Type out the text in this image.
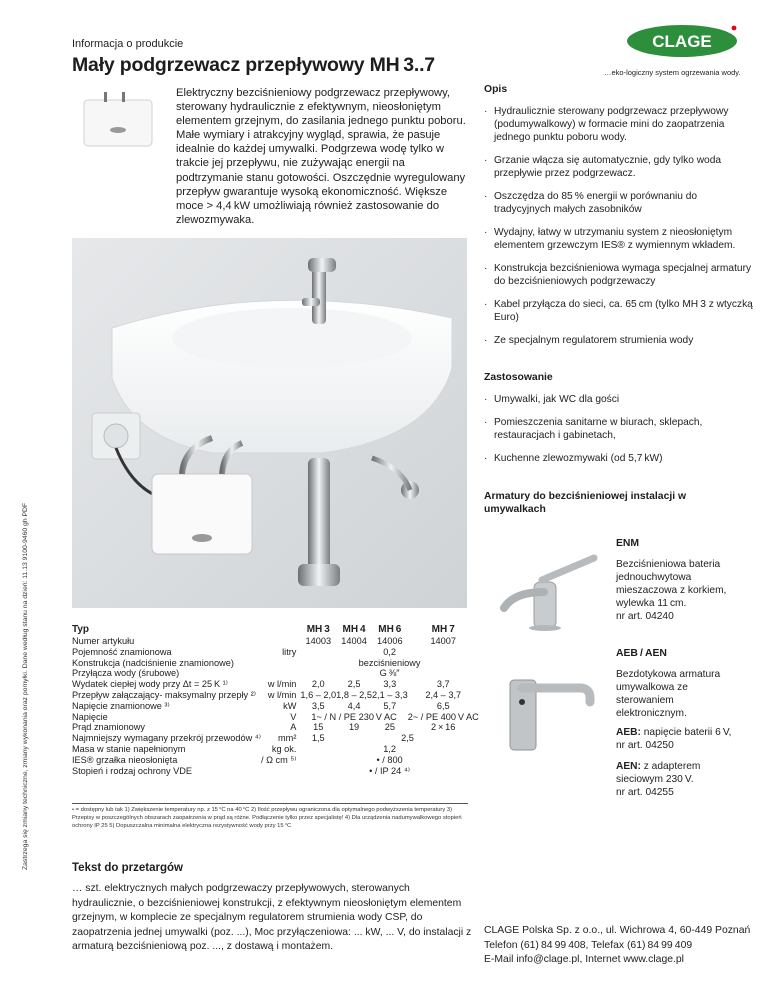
Informacja o produkcie	CLAGE
…eko-logiczny system ogrzewania wody.
Mały podgrzewacz przepływowy MH 3..7
Elektryczny bezciśnieniowy podgrzewacz przepływowy, sterowany hydraulicznie z efektywnym, nieosłoniętym elementem grzejnym, do zasilania jednego punktu poboru. Małe wymiary i atrakcyjny wygląd, sprawia, że pasuje idealnie do każdej umywalki. Podgrzewa wodę tylko w trakcie jej przepływu, nie zużywając energii na podtrzymanie stanu gotowości. Oszczędnie wyregulowany przepływ gwarantuje wysoką ekonomiczność. Większe moce > 4,4 kW umożliwiają również zastosowanie do zlewozmywaka.
Opis
· Hydraulicznie sterowany podgrzewacz przepływowy (podumywalkowy) w formacie mini do zaopatrzenia jednego punktu poboru wody.
· Grzanie włącza się automatycznie, gdy tylko woda przepływie przez podgrzewacz.
· Oszczędza do 85 % energii w porównaniu do tradycyjnych małych zasobników
· Wydajny, łatwy w utrzymaniu system z nieosłoniętym elementem grzewczym IES® z wymiennym wkładem.
· Konstrukcja bezciśnieniowa wymaga specjalnej armatury do bezciśnieniowych podgrzewaczy
· Kabel przyłącza do sieci, ca. 65 cm (tylko MH 3 z wtyczką Euro)
· Ze specjalnym regulatorem strumienia wody
Zastosowanie
· Umywalki, jak WC dla gości
· Pomieszczenia sanitarne w biurach, sklepach, restauracjach i gabinetach,
· Kuchenne zlewozmywaki (od 5,7 kW)
Armatury do bezciśnieniowej instalacji w umywalkach
ENM
Bezciśnieniowa bateria jednouchwytowa mieszaczowa z korkiem, wylewka 11 cm.
nr art. 04240
AEB / AEN
Bezdotykowa armatura umywalkowa ze sterowaniem elektronicznym.
AEB: napięcie baterii 6 V,
nr art. 04250
AEN: z adapterem sieciowym 230 V.
nr art. 04255
Zastrzega się zmiany techniczne, zmiany wykonania oraz pomyłki. Dane według stanu na dzień: 11.13 9100-9460 gh PDF	Typ		MH 3	MH 4	MH 6	MH 7
Numer artykułu		14003	14004	14006	14007
Pojemność znamionowa	litry	0,2			
Konstrukcja (nadciśnienie znamionowe)		bezciśnieniowy			
Przyłącza wody (śrubowe)		G ⅜″			
Wydatek ciepłej wody przy Δt = 25 K ¹⁾	w l/min	2,0	2,5	3,3	3,7
Przepływ załączający- maksymalny przepły ²⁾	w l/min	1,6 – 2,0	1,8 – 2,5	2,1 – 3,3	2,4 – 3,7
Napięcie znamionowe ³⁾	kW	3,5	4,4	5,7	6,5
Napięcie	V	1~ / N / PE 230 V AC			2~ / PE 400 V AC
Prąd znamionowy	A	15	19	25	2 × 16
Najmniejszy wymagany przekrój przewodów ⁴⁾	mm²	1,5	2,5		
Masa w stanie napełnionym	kg ok.	1,2			
IES® grzałka nieosłonięta	/ Ω cm ⁵⁾	• / 800			
Stopień i rodzaj ochrony VDE		• / IP 24 ⁴⁾			
• = dostępny lub tak 1) Zwiększenie temperatury np. z 15 °C na 40 °C 2) Ilość przepływu ograniczona dla optymalnego podwyższenia temperatury 3) Przepisy w poszczególnych obszarach zaopatrzenia w prąd są różne. Podłączenie tylko przez specjalistę! 4) Dla urządzenia nadumywalkowego stopień ochrony IP 25 5) Dopuszczalna minimalna elektryczna rezystywność wody przy 15 °C
Tekst do przetargów
… szt. elektrycznych małych podgrzewaczy przepływowych, sterowanych hydraulicznie, o bezciśnieniowej konstrukcji, z efektywnym nieosłoniętym elementem grzejnym, w komplecie ze specjalnym regulatorem strumienia wody CSP, do zaopatrzenia jednej umywalki (poz. ...), Moc przyłączeniowa: ... kW, ... V, do instalacji z armaturą bezciśnieniową poz. ..., z dostawą i montażem.
CLAGE Polska Sp. z o.o., ul. Wichrowa 4, 60-449 Poznań
Telefon (61) 84 99 408, Telefax (61) 84 99 409
E-Mail info@clage.pl, Internet www.clage.pl
